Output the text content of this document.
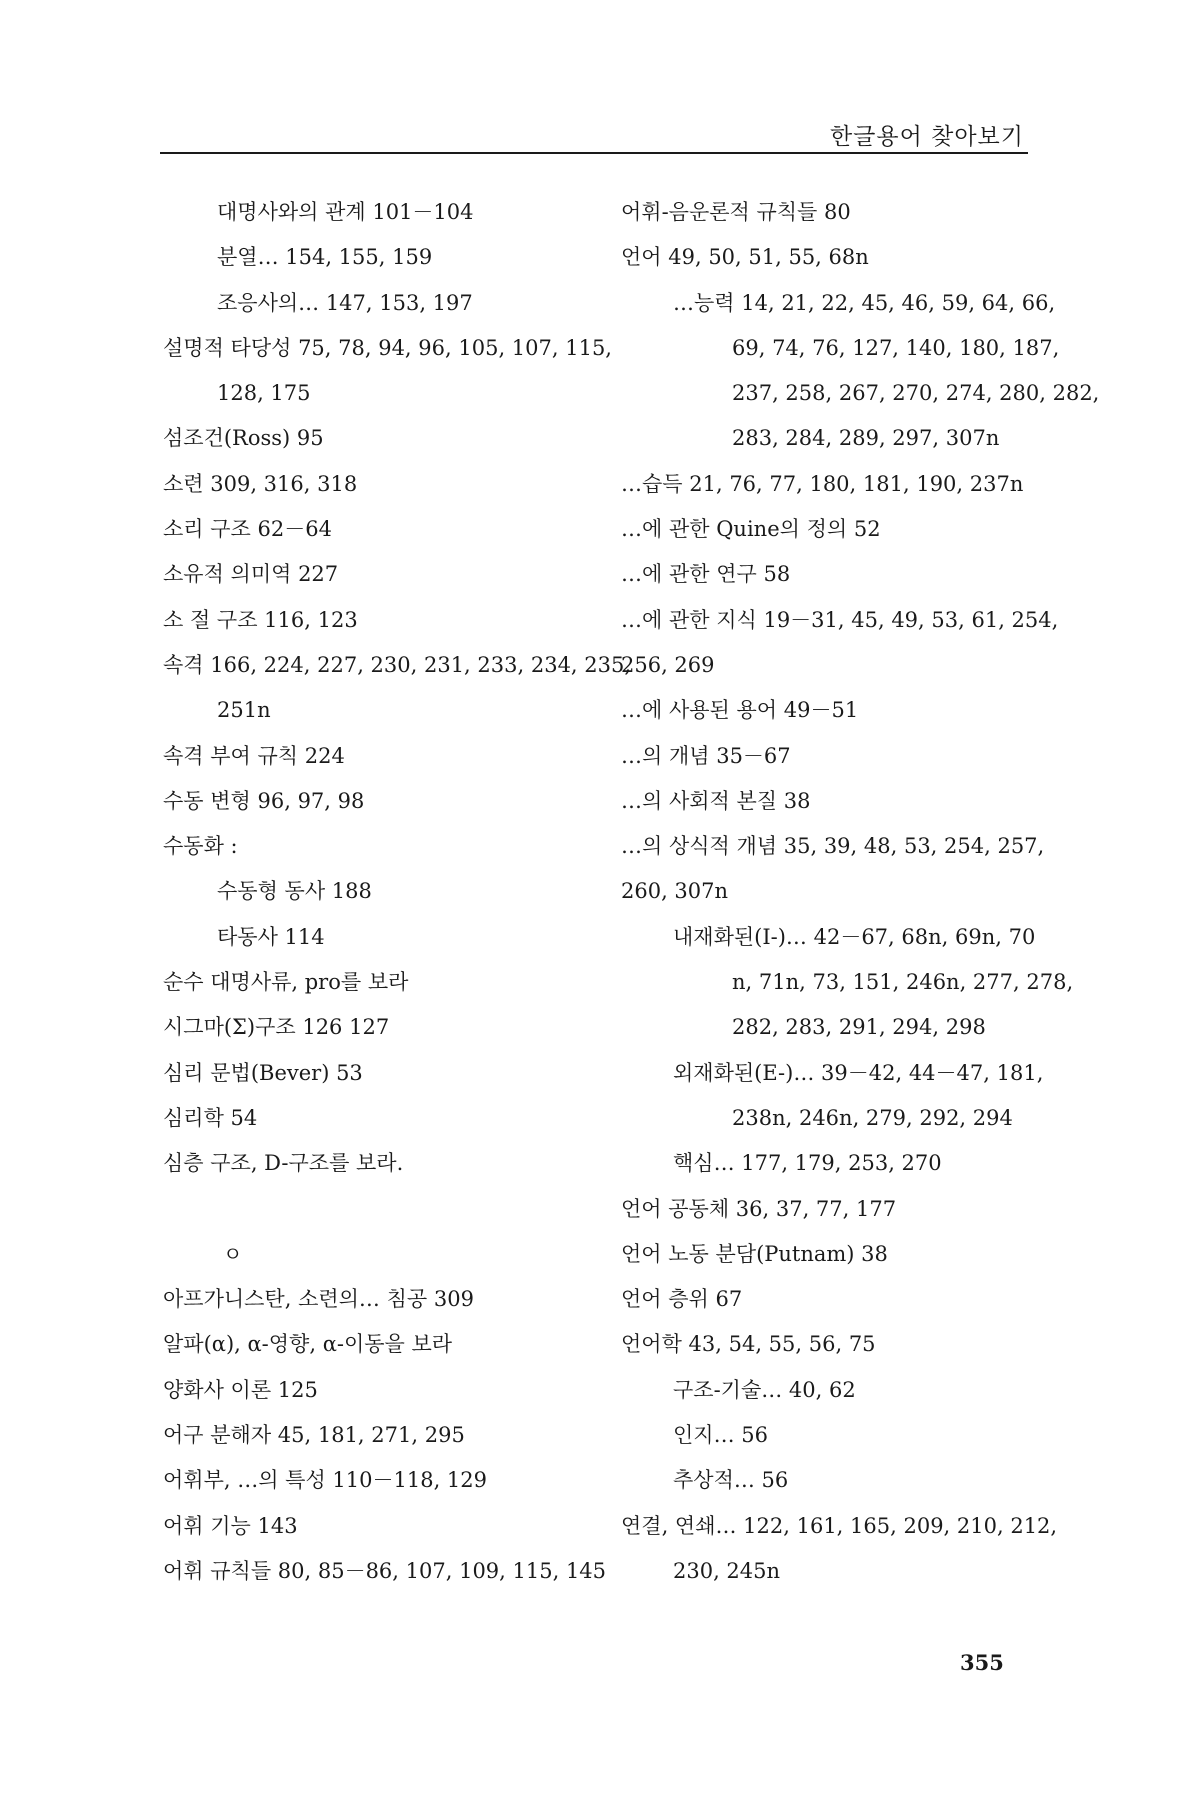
한글용어 찾아보기
대명사와의 관계 101－104
분열… 154, 155, 159
조응사의… 147, 153, 197
설명적 타당성 75, 78, 94, 96, 105, 107, 115,
128, 175
섬조건(Ross) 95
소련 309, 316, 318
소리 구조 62－64
소유적 의미역 227
소 절 구조 116, 123
속격 166, 224, 227, 230, 231, 233, 234, 235,
251n
속격 부여 규칙 224
수동 변형 96, 97, 98
수동화 :
수동형 동사 188
타동사 114
순수 대명사류, pro를 보라
시그마(Σ)구조 126 127
심리 문법(Bever) 53
심리학 54
심층 구조, D-구조를 보라.
ㅇ
아프가니스탄, 소련의… 침공 309
알파(α), α-영향, α-이동을 보라
양화사 이론 125
어구 분해자 45, 181, 271, 295
어휘부, …의 특성 110－118, 129
어휘 기능 143
어휘 규칙들 80, 85－86, 107, 109, 115, 145
어휘-음운론적 규칙들 80
언어 49, 50, 51, 55, 68n
…능력 14, 21, 22, 45, 46, 59, 64, 66,
69, 74, 76, 127, 140, 180, 187,
237, 258, 267, 270, 274, 280, 282,
283, 284, 289, 297, 307n
…습득 21, 76, 77, 180, 181, 190, 237n
…에 관한 Quine의 정의 52
…에 관한 연구 58
…에 관한 지식 19－31, 45, 49, 53, 61, 254,
256, 269
…에 사용된 용어 49－51
…의 개념 35－67
…의 사회적 본질 38
…의 상식적 개념 35, 39, 48, 53, 254, 257,
260, 307n
내재화된(I-)… 42－67, 68n, 69n, 70
n, 71n, 73, 151, 246n, 277, 278,
282, 283, 291, 294, 298
외재화된(E-)… 39－42, 44－47, 181,
238n, 246n, 279, 292, 294
핵심… 177, 179, 253, 270
언어 공동체 36, 37, 77, 177
언어 노동 분담(Putnam) 38
언어 층위 67
언어학 43, 54, 55, 56, 75
구조-기술… 40, 62
인지… 56
추상적… 56
연결, 연쇄… 122, 161, 165, 209, 210, 212,
230, 245n
355
